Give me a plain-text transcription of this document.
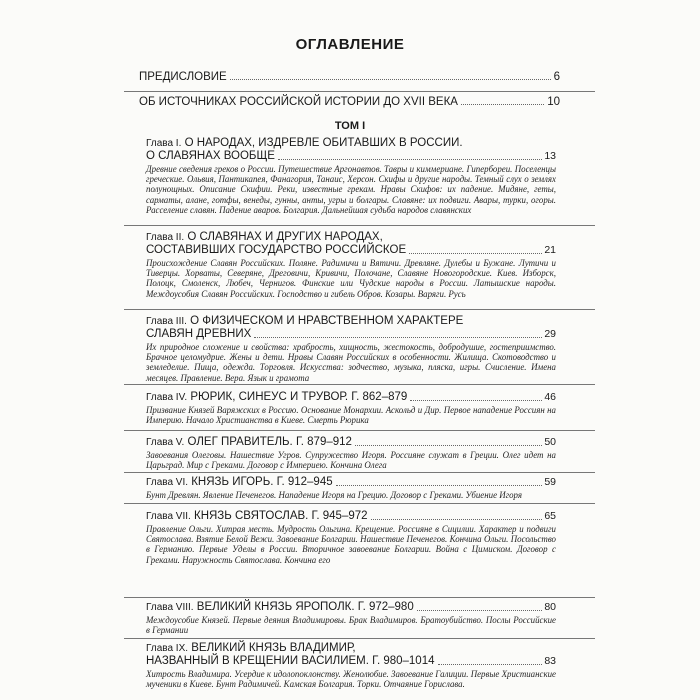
ОГЛАВЛЕНИЕ
ПРЕДИСЛОВИЕ	6
ОБ ИСТОЧНИКАХ РОССИЙСКОЙ ИСТОРИИ ДО XVII ВЕКА	10
ТОМ I
Глава I. О НАРОДАХ, ИЗДРЕВЛЕ ОБИТАВШИХ В РОССИИ.
О СЛАВЯНАХ ВООБЩЕ	13
Древние сведения греков о России. Путешествие Аргонавтов. Тавры и киммериане. Гипербореи. Поселенцы греческие. Ольвия, Пантикапея, Фанагория, Танаис, Херсон. Скифы и другие народы. Темный слух о землях полунощных. Описание Скифии. Реки, известные грекам. Нравы Скифов: их падение. Мидяне, геты, сарматы, алане, готфы, венеды, гунны, анты, угры и болгары. Славяне: их подвиги. Авары, турки, огоры. Расселение славян. Падение аваров. Болгария. Дальнейшая судьба народов славянских
Глава II. О СЛАВЯНАХ И ДРУГИХ НАРОДАХ,
СОСТАВИВШИХ ГОСУДАРСТВО РОССИЙСКОЕ	21
Происхождение Славян Российских. Поляне. Радимичи и Вятичи. Древляне. Дулебы и Бужане. Лутичи и Тиверцы. Хорваты, Северяне, Дреговичи, Кривичи, Полочане, Славяне Новогородские. Киев. Изборск, Полоцк, Смоленск, Любеч, Чернигов. Финские или Чудские народы в России. Латышские народы. Междоусобия Славян Российских. Господство и гибель Обров. Козары. Варяги. Русь
Глава III. О ФИЗИЧЕСКОМ И НРАВСТВЕННОМ ХАРАКТЕРЕ
СЛАВЯН ДРЕВНИХ	29
Их природное сложение и свойства: храбрость, хищность, жестокость, добродушие, гостеприимство. Брачное целомудрие. Жены и дети. Нравы Славян Российских в особенности. Жилища. Скотоводство и земледелие. Пища, одежда. Торговля. Искусства: зодчество, музыка, пляска, игры. Счисление. Имена месяцев. Правление. Вера. Язык и грамота
Глава IV.
РЮРИК, СИНЕУС И ТРУВОР. Г. 862–879	46
Призвание Князей Варяжских в Россию. Основание Монархии. Аскольд и Дир. Первое нападение Россиян на Империю. Начало Христианства в Киеве. Смерть Рюрика
Глава V.
ОЛЕГ ПРАВИТЕЛЬ. Г. 879–912	50
Завоевания Олеговы. Нашествие Угров. Супружество Игоря. Россияне служат в Греции. Олег идет на Царьград. Мир с Греками. Договор с Империею. Кончина Олега
Глава VI.
КНЯЗЬ ИГОРЬ. Г. 912–945	59
Бунт Древлян. Явление Печенегов. Нападение Игоря на Грецию. Договор с Греками. Убиение Игоря
Глава VII.
КНЯЗЬ СВЯТОСЛАВ. Г. 945–972	65
Правление Ольги. Хитрая месть. Мудрость Ольгина. Крещение. Россияне в Сицилии. Характер и подвиги Святослава. Взятие Белой Вежи. Завоевание Болгарии. Нашествие Печенегов. Кончина Ольги. Посольство в Германию. Первые Уделы в России. Вторичное завоевание Болгарии. Война с Цимиском. Договор с Греками. Наружность Святослава. Кончина его
Глава VIII.
ВЕЛИКИЙ КНЯЗЬ ЯРОПОЛК. Г. 972–980	80
Междоусобие Князей. Первые деяния Владимировы. Брак Владимиров. Братоубийство. Послы Российские в Германии
Глава IX. ВЕЛИКИЙ КНЯЗЬ ВЛАДИМИР,
НАЗВАННЫЙ В КРЕЩЕНИИ ВАСИЛИЕМ. Г. 980–1014	83
Хитрость Владимира. Усердие к идолопоклонству. Женолюбие. Завоевание Галиции. Первые Христианские мученики в Киеве. Бунт Радимичей. Камская Болгария. Торки. Отчаяние Горислава.
